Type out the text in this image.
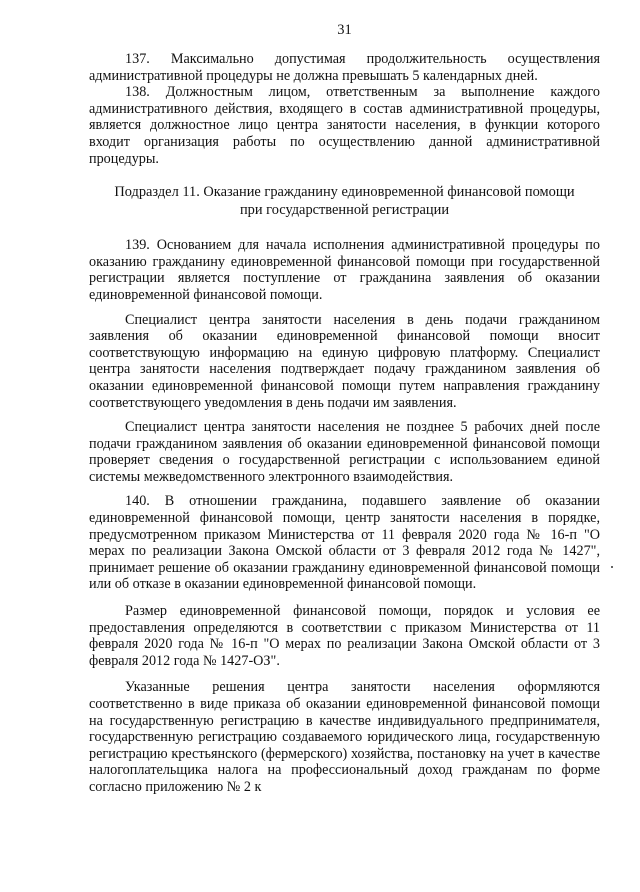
31

137. Максимально допустимая продолжительность осуществления административной процедуры не должна превышать 5 календарных дней.

138. Должностным лицом, ответственным за выполнение каждого административного действия, входящего в состав административной процедуры, является должностное лицо центра занятости населения, в функции которого входит организация работы по осуществлению данной административной процедуры.

Подраздел 11. Оказание гражданину единовременной финансовой помощи при государственной регистрации

139. Основанием для начала исполнения административной процедуры по оказанию гражданину единовременной финансовой помощи при государственной регистрации является поступление от гражданина заявления об оказании единовременной финансовой помощи.

Специалист центра занятости населения в день подачи гражданином заявления об оказании единовременной финансовой помощи вносит соответствующую информацию на единую цифровую платформу. Специалист центра занятости населения подтверждает подачу гражданином заявления об оказании единовременной финансовой помощи путем направления гражданину соответствующего уведомления в день подачи им заявления.

Специалист центра занятости населения не позднее 5 рабочих дней после подачи гражданином заявления об оказании единовременной финансовой помощи проверяет сведения о государственной регистрации с использованием единой системы межведомственного электронного взаимодействия.

140. В отношении гражданина, подавшего заявление об оказании единовременной финансовой помощи, центр занятости населения в порядке, предусмотренном приказом Министерства от 11 февраля 2020 года № 16-п "О мерах по реализации Закона Омской области от 3 февраля 2012 года № 1427", принимает решение об оказании гражданину единовременной финансовой помощи или об отказе в оказании единовременной финансовой помощи.

Размер единовременной финансовой помощи, порядок и условия ее предоставления определяются в соответствии с приказом Министерства от 11 февраля 2020 года № 16-п "О мерах по реализации Закона Омской области от 3 февраля 2012 года № 1427-ОЗ".

Указанные решения центра занятости населения оформляются соответственно в виде приказа об оказании единовременной финансовой помощи на государственную регистрацию в качестве индивидуального предпринимателя, государственную регистрацию создаваемого юридического лица, государственную регистрацию крестьянского (фермерского) хозяйства, постановку на учет в качестве налогоплательщика налога на профессиональный доход гражданам по форме согласно приложению № 2 к
